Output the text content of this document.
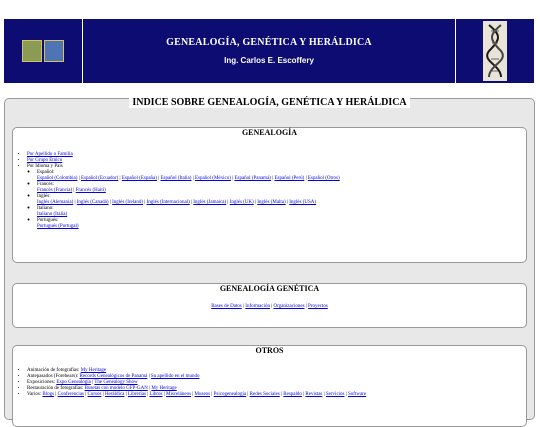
GENEALOGÍA, GENÉTICA Y HERÁLDICA
Ing. Carlos E. Escoffery
INDICE SOBRE GENEALOGÍA, GENÉTICA Y HERÁLDICA
GENEALOGÍA
• Por Apellido o Familia
• Por Grupo Étnico
• Por Idioma y País
◦ Español:
Español (Colombia) | Español (Ecuador) | Español (España) | Español (Italia) | Español (México) | Español (Panamá) | Español (Perú) | Español (Otros)
◦ Francés:
Francés (Francia) | Francés (Haití)
◦ Inglés:
Inglés (Alemania) | Inglés (Canadá) | Inglés (Ireland) | Inglés (Internacional) | Inglés (Jamaica) | Inglés (UK) | Inglés (Malta) | Inglés (USA)
◦ Italiano:
Italiano (Italia)
◦ Portugués:
Portugués (Portugal)
GENEALOGÍA GENÉTICA
Bases de Datos | Información | Organizaciones | Proyectos
OTROS
• Animación de fotografías: My Heritage
• Antepasados (Forebears): Records Genealógicos de Panamá | Su apellido en el mundo
• Exposiciones: Expo Genealogía | The Genealogy Show
• Restauración de fotografías: Busetas con modelo GFP-GAN | My Heritage
• Varios: Blogs | Conferencias | Cursos | Heráldica | Librerías | Libros | Misceláneos | Museos | Psicogenealogía | Redes Sociales | Respaldo | Revistas | Servicios | Software
